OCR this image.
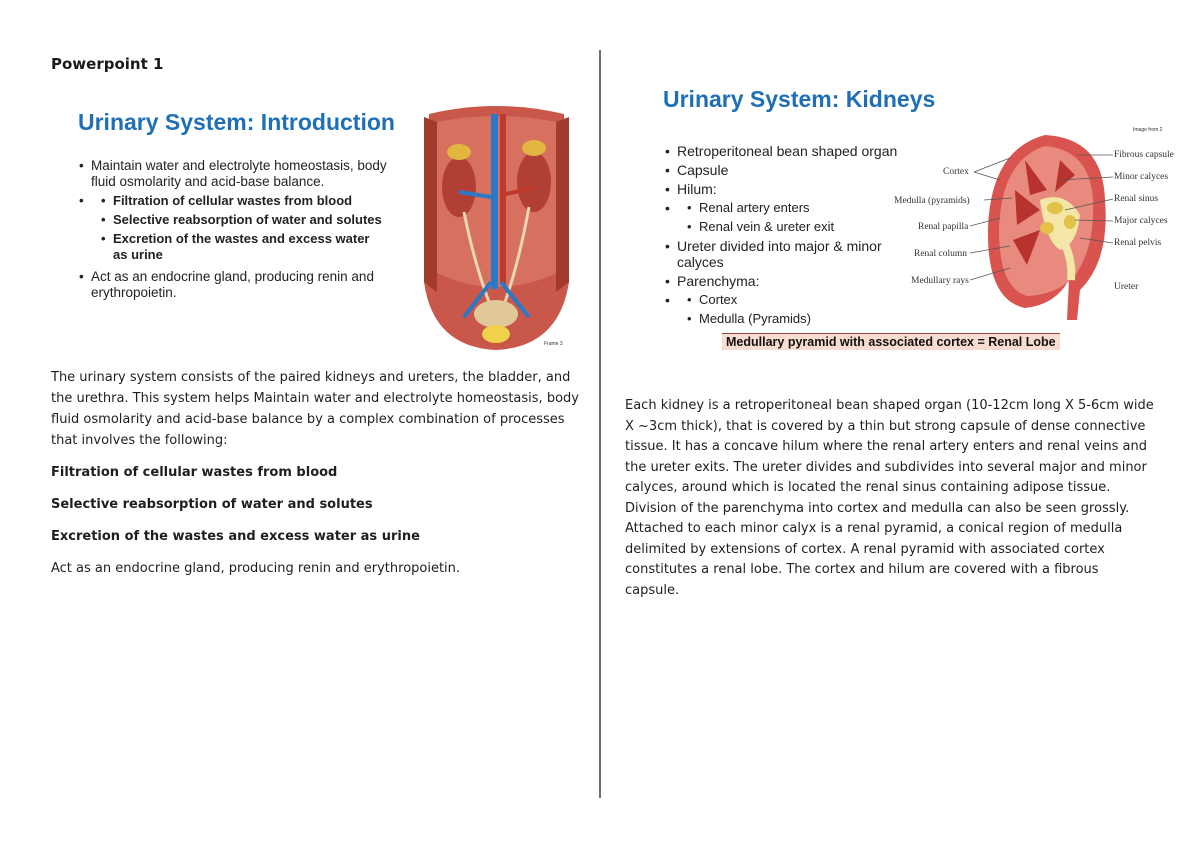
Powerpoint 1
Urinary System: Introduction
• Maintain water and electrolyte homeostasis, body fluid osmolarity and acid-base balance.
• • Filtration of cellular wastes from blood
• Selective reabsorption of water and solutes
• Excretion of the wastes and excess water as urine
• Act as an endocrine gland, producing renin and erythropoietin.
Frame 3

The urinary system consists of the paired kidneys and ureters, the bladder, and the urethra. This system helps Maintain water and electrolyte homeostasis, body fluid osmolarity and acid-base balance by a complex combination of processes that involves the following:

Filtration of cellular wastes from blood
Selective reabsorption of water and solutes
Excretion of the wastes and excess water as urine

Act as an endocrine gland, producing renin and erythropoietin.

Urinary System: Kidneys
• Retroperitoneal bean shaped organ
• Capsule
• Hilum:
• • Renal artery enters
• Renal vein & ureter exit
• Ureter divided into major & minor calyces
• Parenchyma:
• • Cortex
• Medulla (Pyramids)
Image from 2
Cortex
Medulla (pyramids)
Renal papilla
Renal column
Medullary rays
Fibrous capsule
Minor calyces
Renal sinus
Major calyces
Renal pelvis
Ureter
Medullary pyramid with associated cortex = Renal Lobe

Each kidney is a retroperitoneal bean shaped organ (10-12cm long X 5-6cm wide X ~3cm thick), that is covered by a thin but strong capsule of dense connective tissue. It has a concave hilum where the renal artery enters and renal veins and the ureter exits. The ureter divides and subdivides into several major and minor calyces, around which is located the renal sinus containing adipose tissue. Division of the parenchyma into cortex and medulla can also be seen grossly. Attached to each minor calyx is a renal pyramid, a conical region of medulla delimited by extensions of cortex. A renal pyramid with associated cortex constitutes a renal lobe. The cortex and hilum are covered with a fibrous capsule.
